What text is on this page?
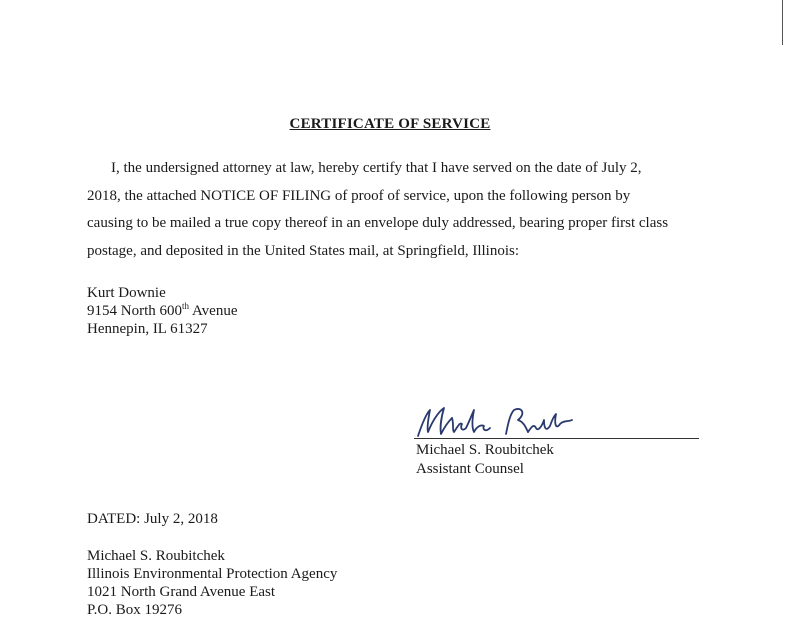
CERTIFICATE OF SERVICE
I, the undersigned attorney at law, hereby certify that I have served on the date of July 2,
2018, the attached NOTICE OF FILING of proof of service, upon the following person by
causing to be mailed a true copy thereof in an envelope duly addressed, bearing proper first class
postage, and deposited in the United States mail, at Springfield, Illinois:
Kurt Downie
9154 North 600th Avenue
Hennepin, IL 61327
Michael S. Roubitchek
Assistant Counsel
DATED: July 2, 2018
Michael S. Roubitchek
Illinois Environmental Protection Agency
1021 North Grand Avenue East
P.O. Box 19276
